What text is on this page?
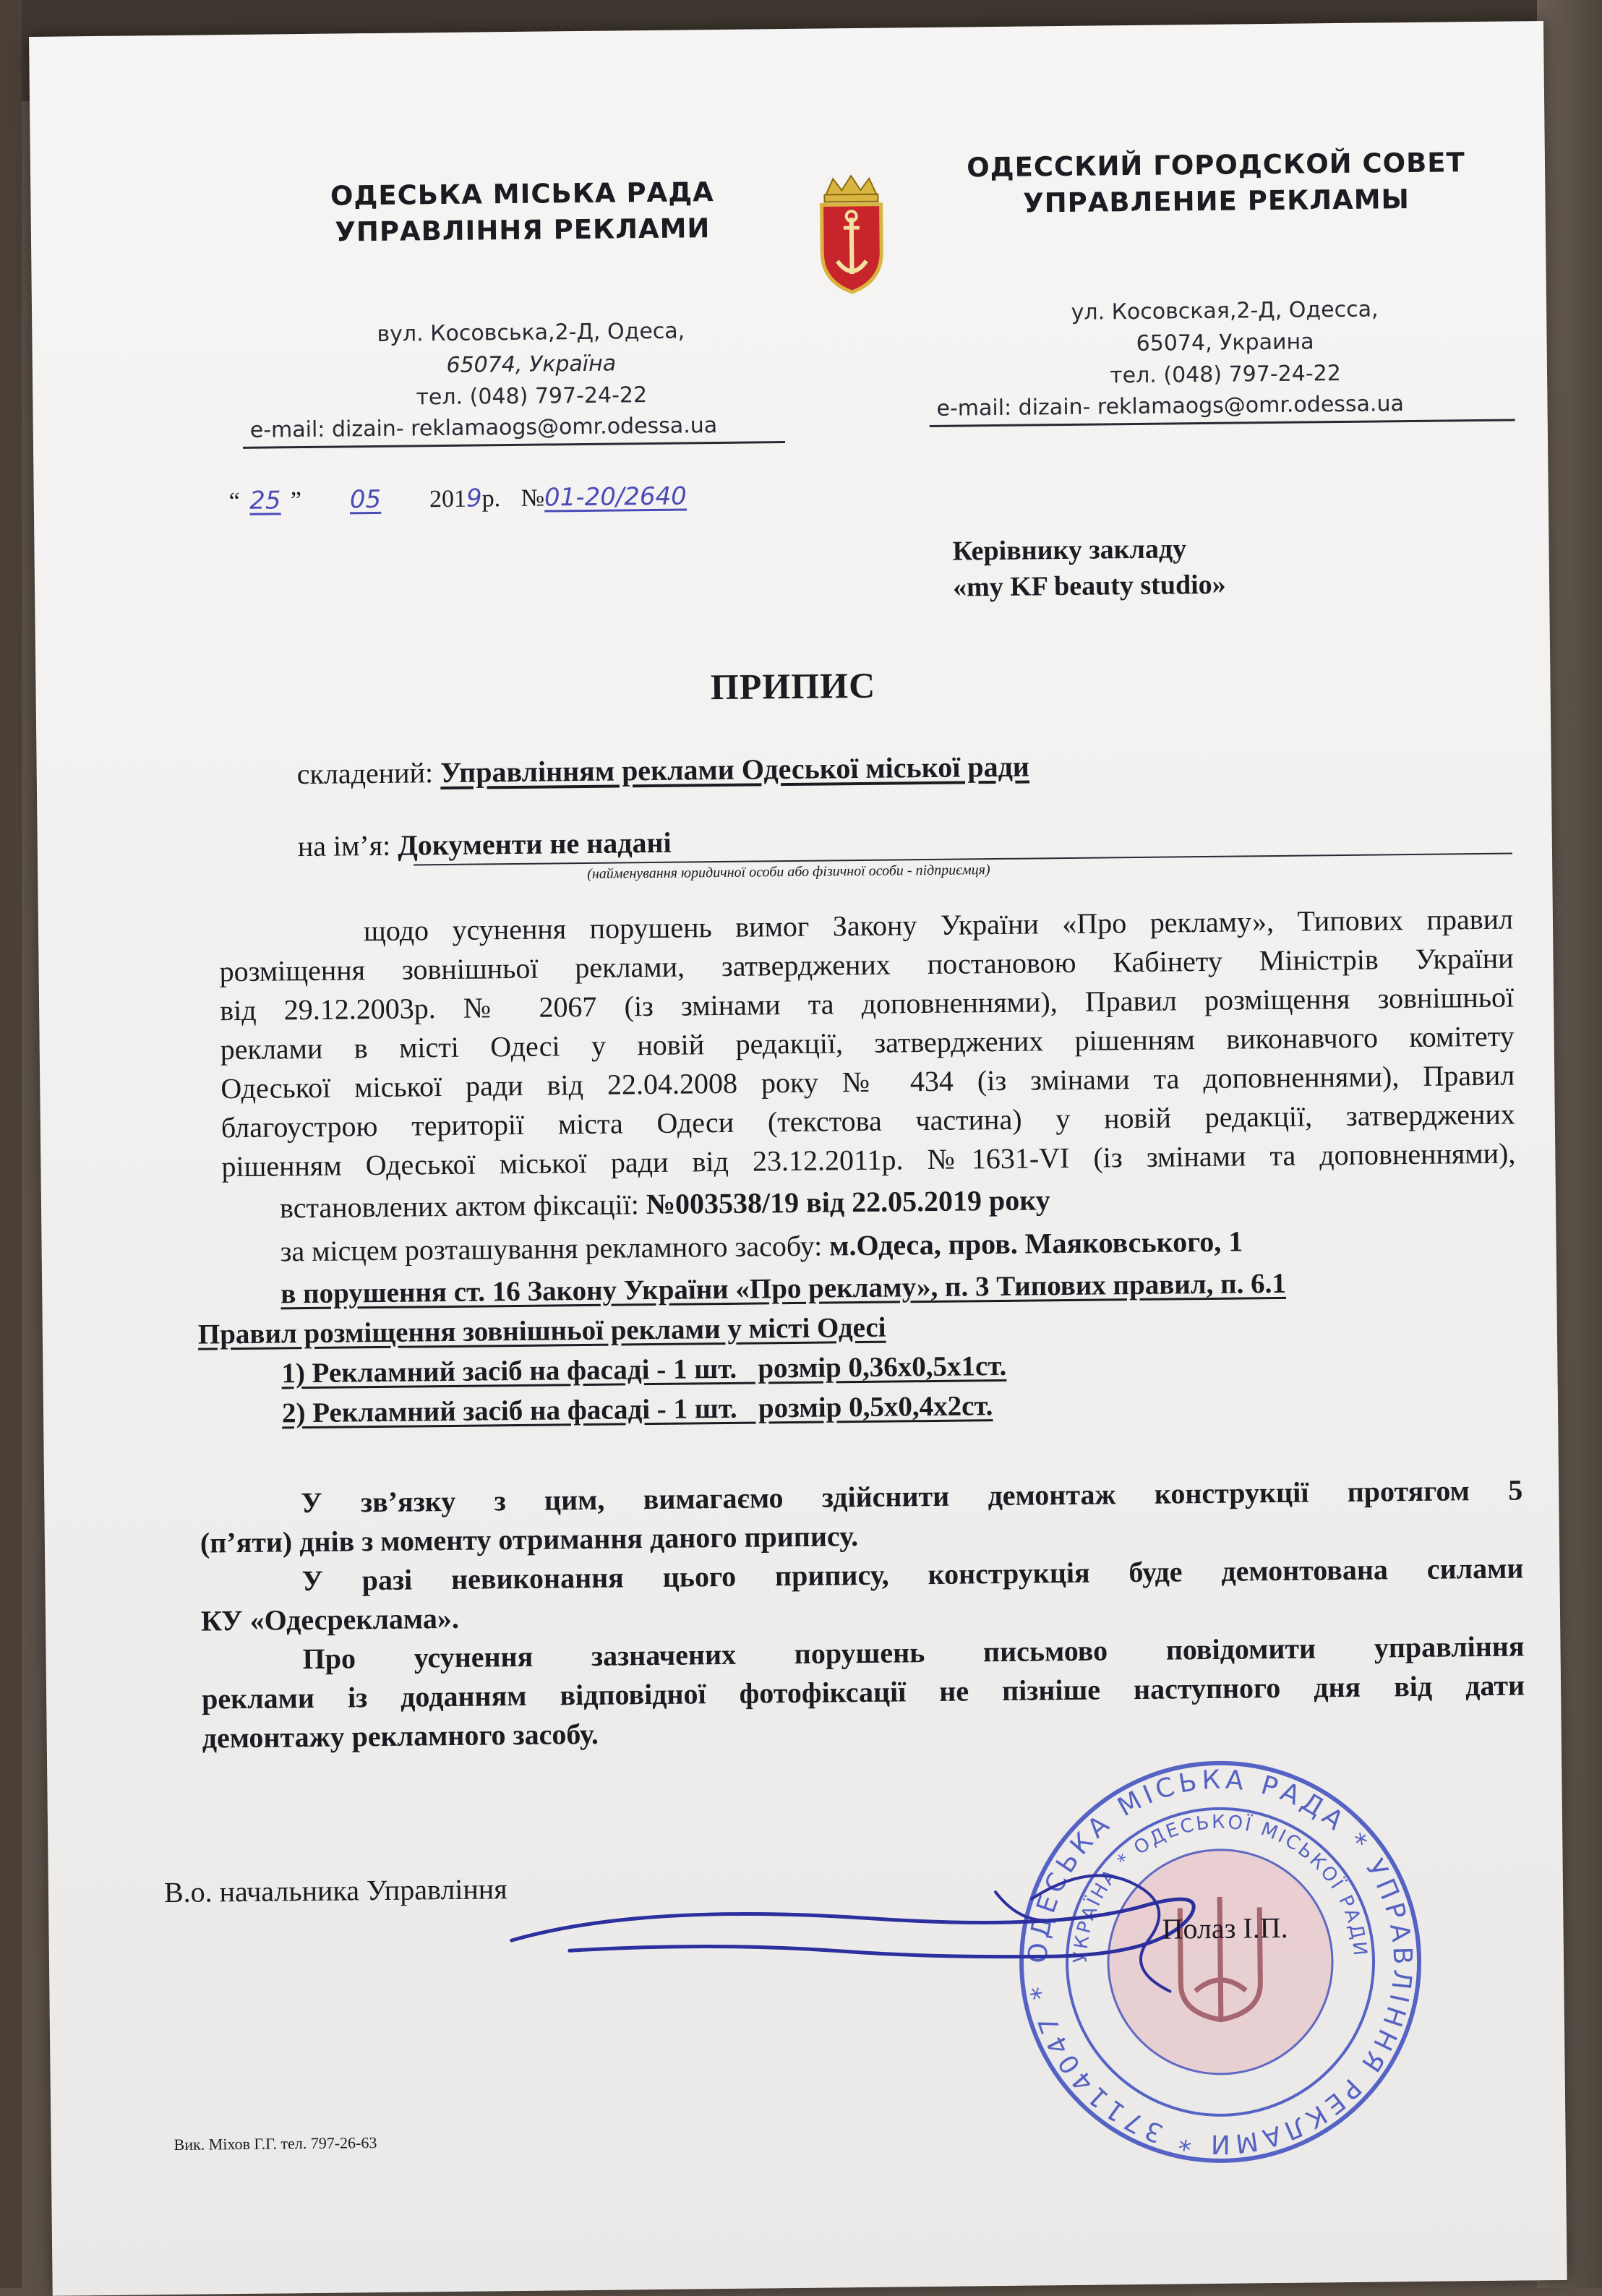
ОДЕСЬКА МІСЬКА РАДА
УПРАВЛІННЯ РЕКЛАМИ
вул. Косовська,2-Д, Одеса,
65074, Україна
тел. (048) 797-24-22
e-mail: dizain- reklamaogs@omr.odessa.ua
ОДЕССКИЙ ГОРОДСКОЙ СОВЕТ
УПРАВЛЕНИЕ РЕКЛАМЫ
ул. Косовская,2-Д, Одесса,
65074, Украина
тел. (048) 797-24-22
e-mail: dizain- reklamaogs@omr.odessa.ua
“ 25 ” 05 2019р. №01-20/2640
Керівнику закладу
«my KF beauty studio»
ПРИПИС
складений: Управлінням реклами Одеської міської ради
на ім’я: Документи не надані
(найменування юридичної особи або фізичної особи - підприємця)
щодо усунення порушень вимог Закону України «Про рекламу», Типових правил
розміщення зовнішньої реклами, затверджених постановою Кабінету Міністрів України
від 29.12.2003р. № 2067 (із змінами та доповненнями), Правил розміщення зовнішньої
реклами в місті Одесі у новій редакції, затверджених рішенням виконавчого комітету
Одеської міської ради від 22.04.2008 року № 434 (із змінами та доповненнями), Правил
благоустрою території міста Одеси (текстова частина) у новій редакції, затверджених
рішенням Одеської міської ради від 23.12.2011р. №1631-VI (із змінами та доповненнями),
встановлених актом фіксації: №003538/19 від 22.05.2019 року
за місцем розташування рекламного засобу: м.Одеса, пров. Маяковського, 1
в порушення ст. 16 Закону України «Про рекламу», п. 3 Типових правил, п. 6.1
Правил розміщення зовнішньої реклами у місті Одесі
1) Рекламний засіб на фасаді - 1 шт.   розмір 0,36х0,5х1ст.
2) Рекламний засіб на фасаді - 1 шт.   розмір 0,5х0,4х2ст.
У зв’язку з цим, вимагаємо здійснити демонтаж конструкції протягом 5
(п’яти) днів з моменту отримання даного припису.
У разі невиконання цього припису, конструкція буде демонтована силами
КУ «Одесреклама».
Про усунення зазначених порушень письмово повідомити управління
реклами із доданням відповідної фотофіксації не пізніше наступного дня від дати
демонтажу рекламного засобу.
В.о. начальника Управління
ОДЕСЬКА МІСЬКА РАДА * УПРАВЛІННЯ РЕКЛАМИ * 37114047 *
УКРАЇНА * ОДЕСЬКОЇ МІСЬКОЇ РАДИ
Полаз І.П.
Вик. Міхов Г.Г. тел. 797-26-63
